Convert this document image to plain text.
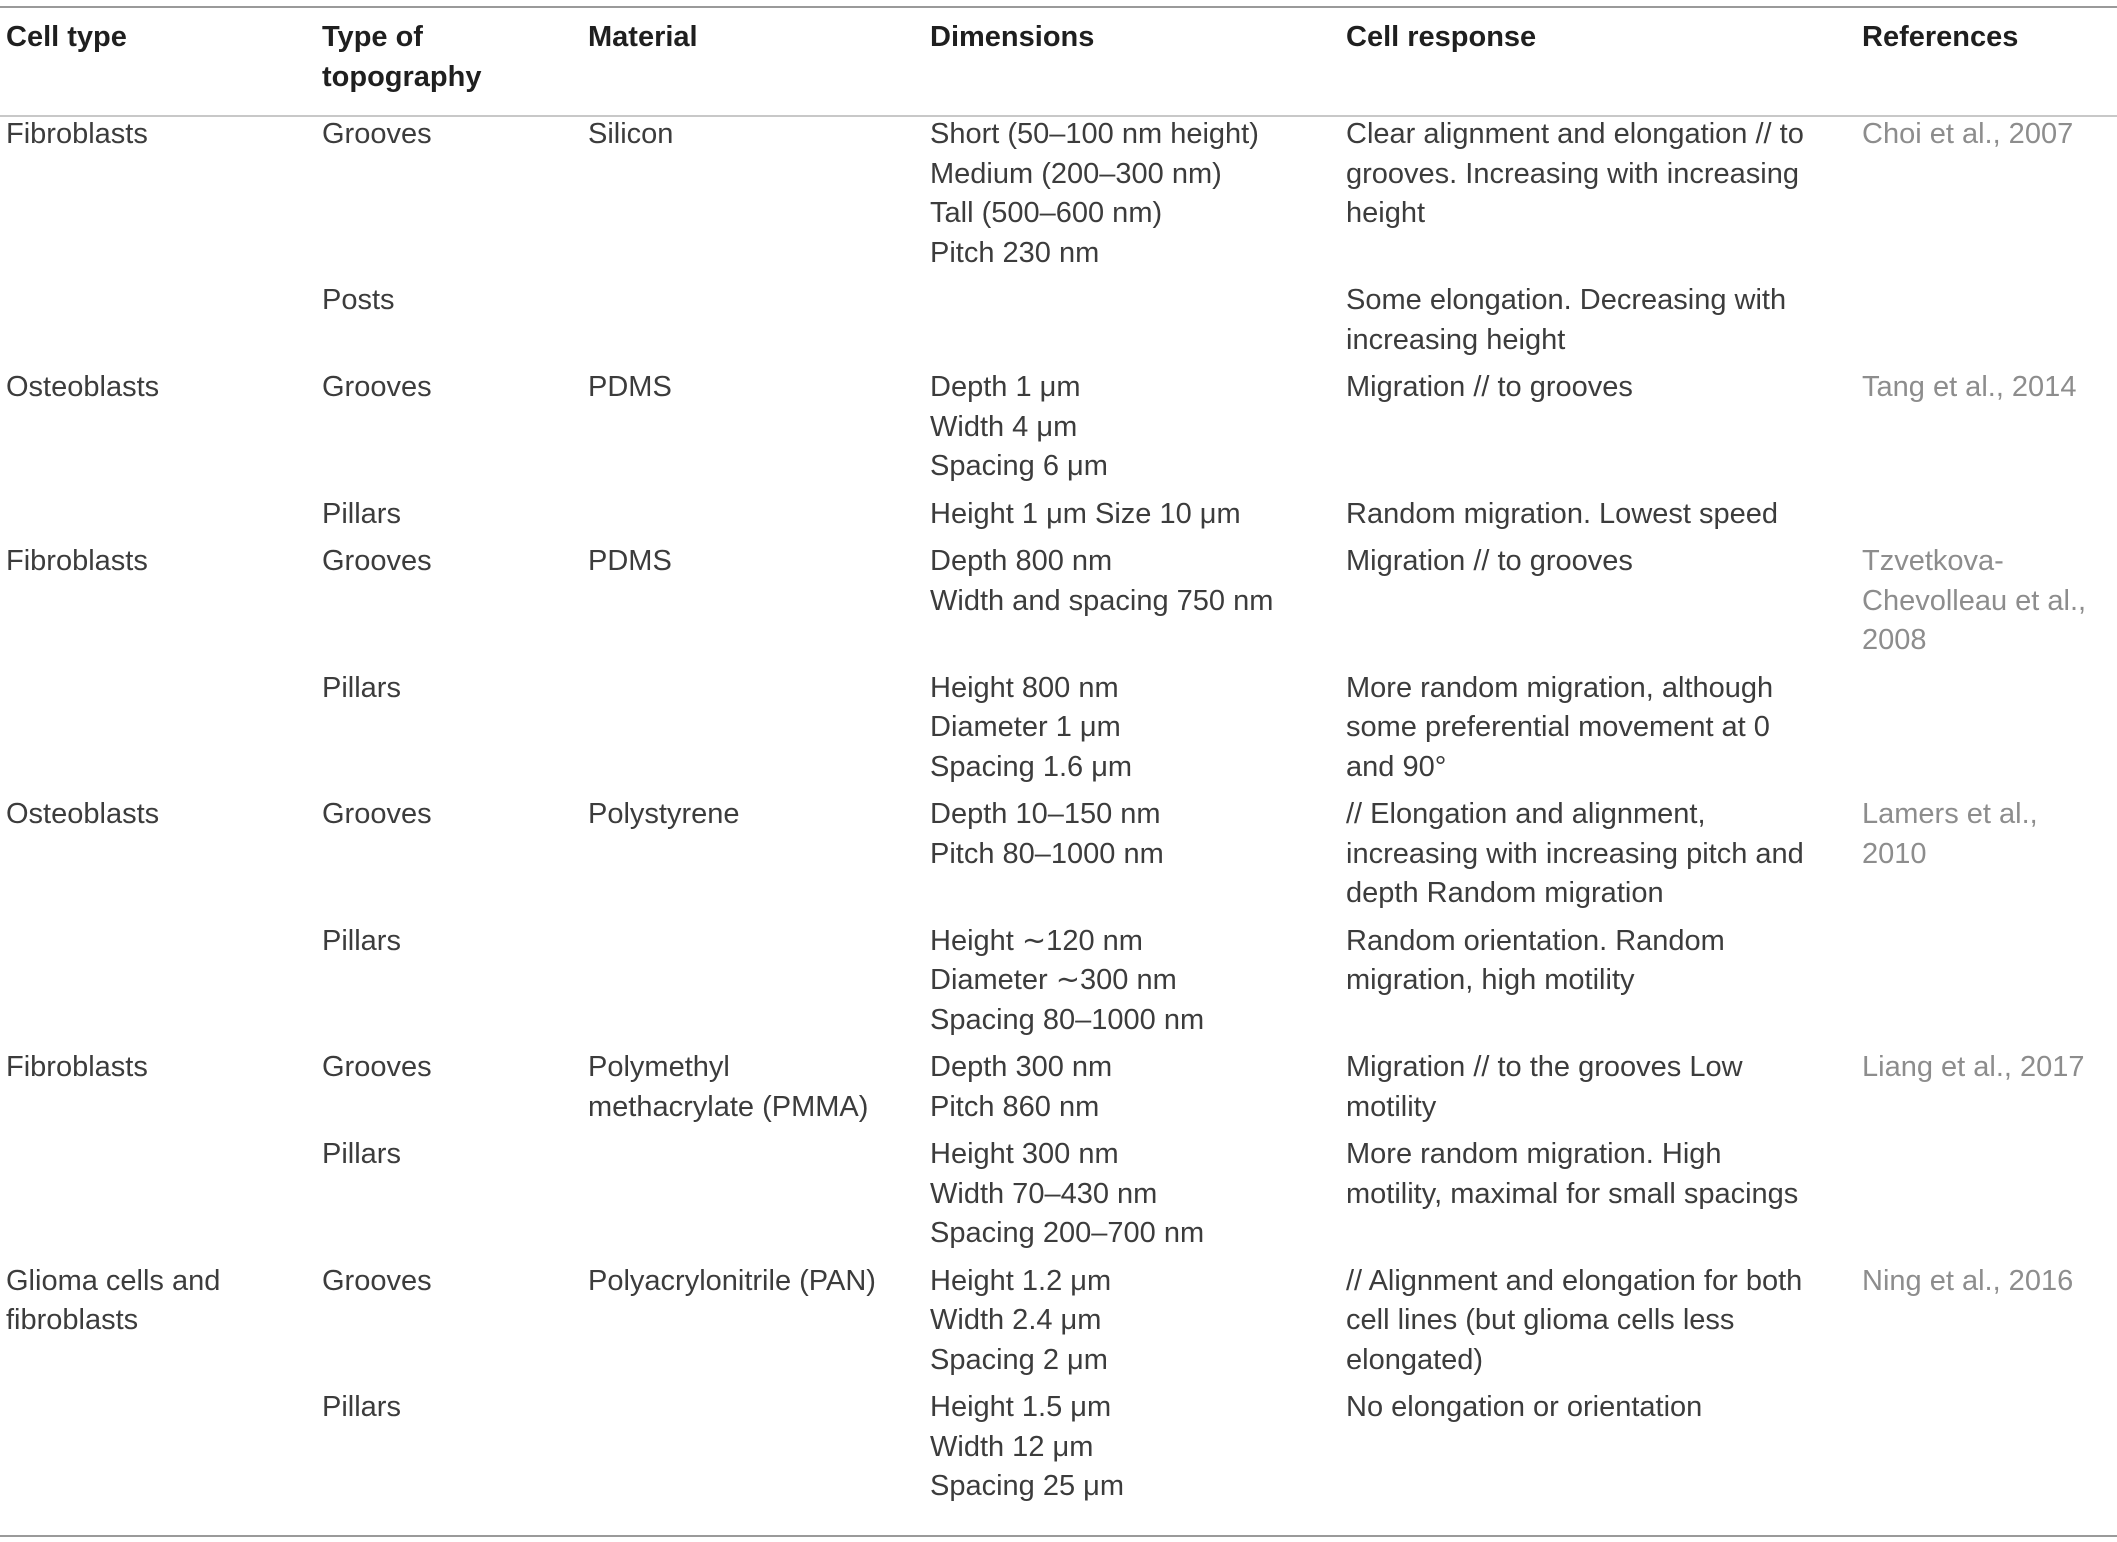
Cell type	Type of topography	Material	Dimensions	Cell response	References

Fibroblasts	Grooves	Silicon	Short (50–100 nm height)
Medium (200–300 nm)
Tall (500–600 nm)
Pitch 230 nm	Clear alignment and elongation // to grooves. Increasing with increasing height	Choi et al., 2007

	Posts			Some elongation. Decreasing with increasing height	

Osteoblasts	Grooves	PDMS	Depth 1 μm
Width 4 μm
Spacing 6 μm	Migration // to grooves	Tang et al., 2014

	Pillars		Height 1 μm Size 10 μm	Random migration. Lowest speed	

Fibroblasts	Grooves	PDMS	Depth 800 nm
Width and spacing 750 nm	Migration // to grooves	Tzvetkova-Chevolleau et al., 2008

	Pillars		Height 800 nm
Diameter 1 μm
Spacing 1.6 μm	More random migration, although some preferential movement at 0 and 90°	

Osteoblasts	Grooves	Polystyrene	Depth 10–150 nm
Pitch 80–1000 nm	// Elongation and alignment, increasing with increasing pitch and depth Random migration	Lamers et al., 2010

	Pillars		Height ∼120 nm
Diameter ∼300 nm
Spacing 80–1000 nm	Random orientation. Random migration, high motility	

Fibroblasts	Grooves	Polymethyl methacrylate (PMMA)	Depth 300 nm
Pitch 860 nm	Migration // to the grooves Low motility	Liang et al., 2017

	Pillars		Height 300 nm
Width 70–430 nm
Spacing 200–700 nm	More random migration. High motility, maximal for small spacings	

Glioma cells and fibroblasts	Grooves	Polyacrylonitrile (PAN)	Height 1.2 μm
Width 2.4 μm
Spacing 2 μm	// Alignment and elongation for both cell lines (but glioma cells less elongated)	Ning et al., 2016

	Pillars		Height 1.5 μm
Width 12 μm
Spacing 25 μm	No elongation or orientation	
